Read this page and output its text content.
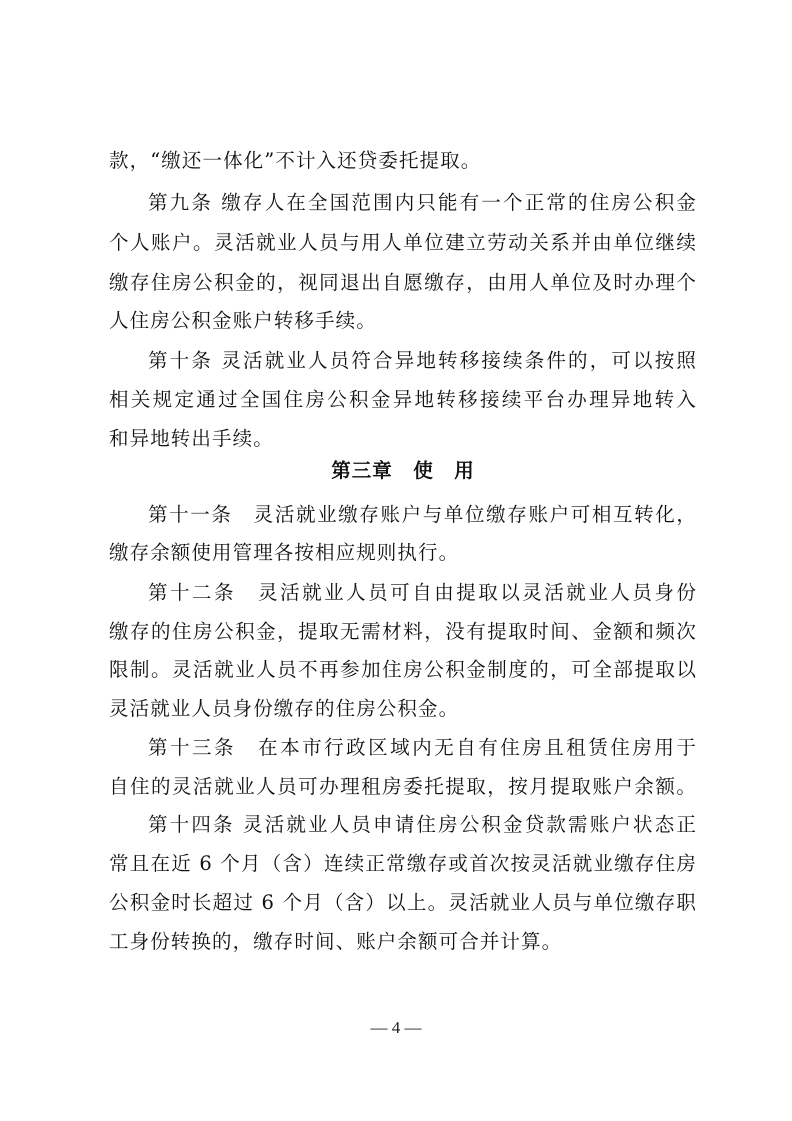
款，“缴还一体化”不计入还贷委托提取。
第九条 缴存人在全国范围内只能有一个正常的住房公积金
个人账户。灵活就业人员与用人单位建立劳动关系并由单位继续
缴存住房公积金的，视同退出自愿缴存，由用人单位及时办理个
人住房公积金账户转移手续。
第十条 灵活就业人员符合异地转移接续条件的，可以按照
相关规定通过全国住房公积金异地转移接续平台办理异地转入
和异地转出手续。
第三章　使　用
第十一条　灵活就业缴存账户与单位缴存账户可相互转化，
缴存余额使用管理各按相应规则执行。
第十二条　灵活就业人员可自由提取以灵活就业人员身份
缴存的住房公积金，提取无需材料，没有提取时间、金额和频次
限制。灵活就业人员不再参加住房公积金制度的，可全部提取以
灵活就业人员身份缴存的住房公积金。
第十三条　在本市行政区域内无自有住房且租赁住房用于
自住的灵活就业人员可办理租房委托提取，按月提取账户余额。
第十四条 灵活就业人员申请住房公积金贷款需账户状态正
常且在近 6 个月（含）连续正常缴存或首次按灵活就业缴存住房
公积金时长超过 6 个月（含）以上。灵活就业人员与单位缴存职
工身份转换的，缴存时间、账户余额可合并计算。
— 4 —
